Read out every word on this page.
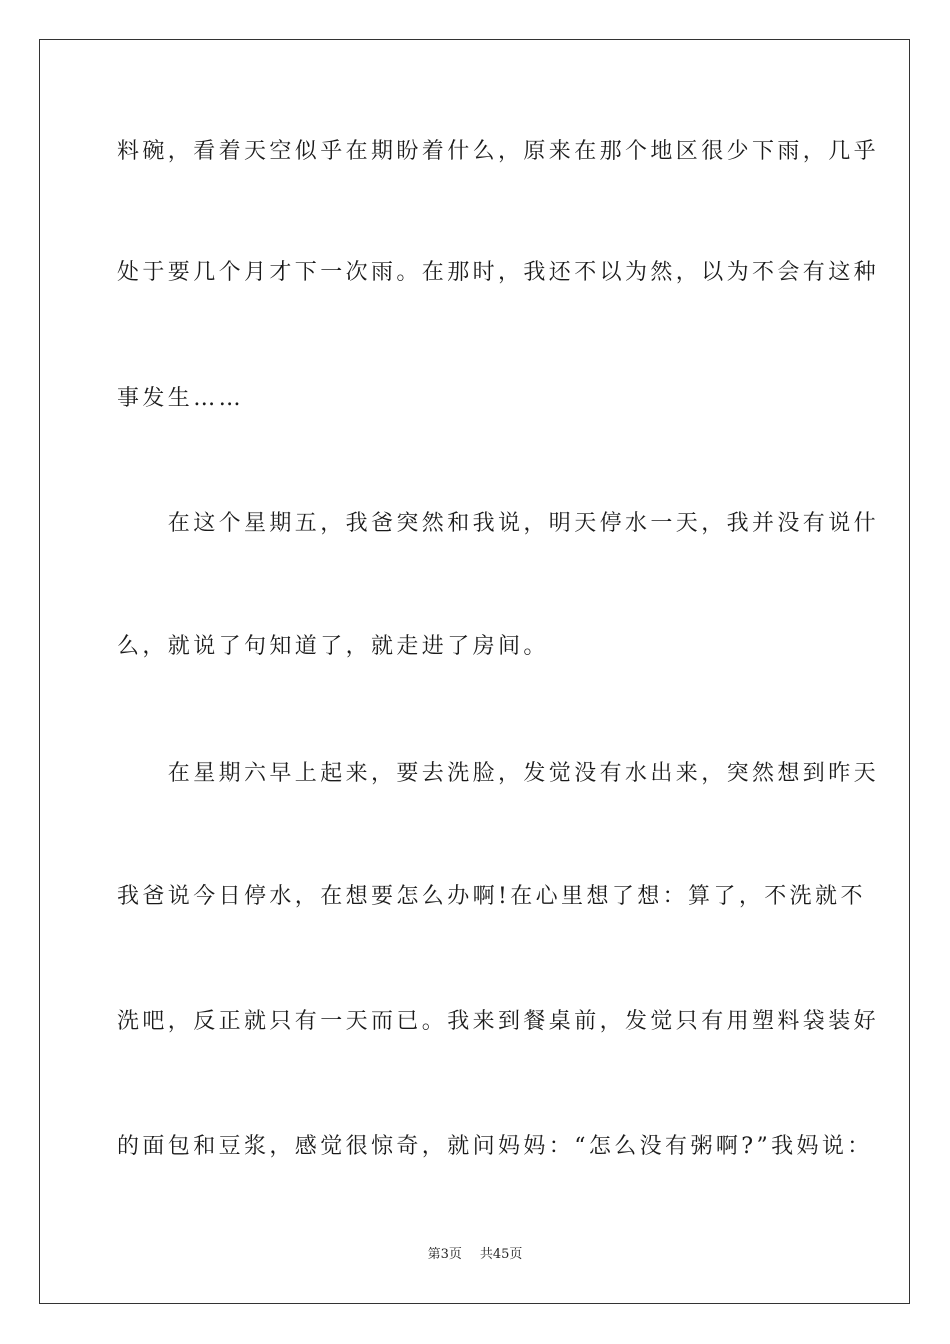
料碗，看着天空似乎在期盼着什么，原来在那个地区很少下雨，几乎
处于要几个月才下一次雨。在那时，我还不以为然，以为不会有这种
事发生……
　　在这个星期五，我爸突然和我说，明天停水一天，我并没有说什
么，就说了句知道了，就走进了房间。
　　在星期六早上起来，要去洗脸，发觉没有水出来，突然想到昨天
我爸说今日停水，在想要怎么办啊!在心里想了想：算了，不洗就不
洗吧，反正就只有一天而已。我来到餐桌前，发觉只有用塑料袋装好
的面包和豆浆，感觉很惊奇，就问妈妈：“怎么没有粥啊?”我妈说：
第3页 共45页
